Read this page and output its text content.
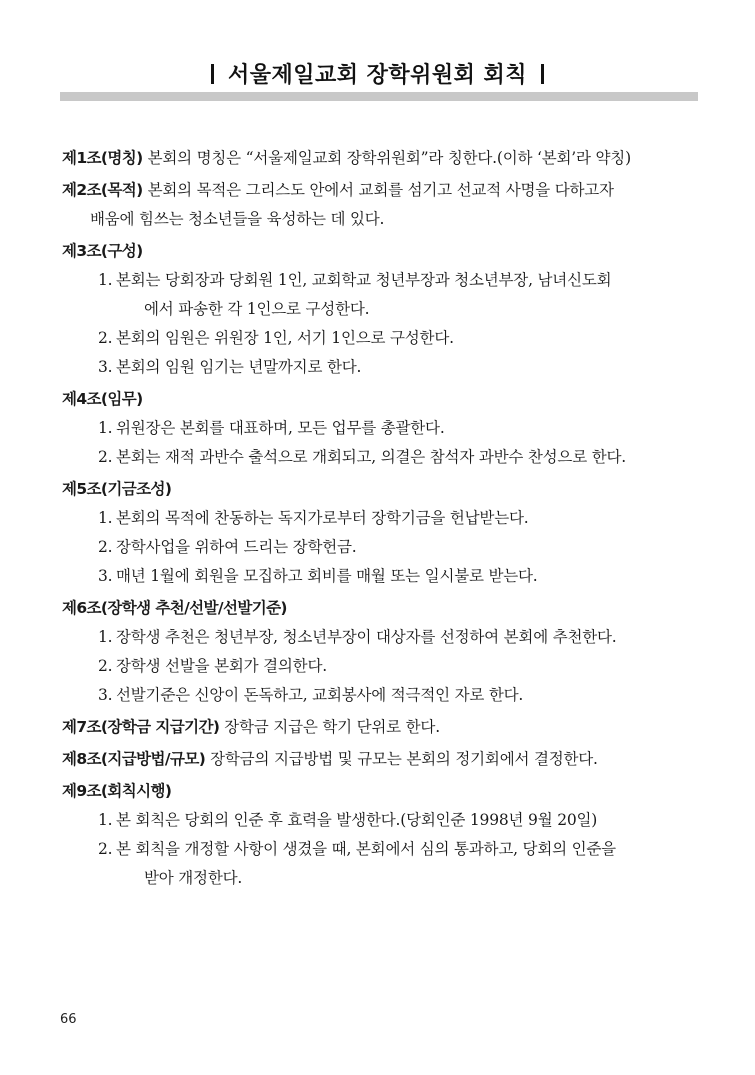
서울제일교회 장학위원회 회칙
제1조(명칭) 본회의 명칭은 “서울제일교회 장학위원회”라 칭한다.(이하 ‘본회’라 약칭)
제2조(목적) 본회의 목적은 그리스도 안에서 교회를 섬기고 선교적 사명을 다하고자
배움에 힘쓰는 청소년들을 육성하는 데 있다.
제3조(구성)
1. 본회는 당회장과 당회원 1인, 교회학교 청년부장과 청소년부장, 남녀신도회
에서 파송한 각 1인으로 구성한다.
2. 본회의 임원은 위원장 1인, 서기 1인으로 구성한다.
3. 본회의 임원 임기는 년말까지로 한다.
제4조(임무)
1. 위원장은 본회를 대표하며, 모든 업무를 총괄한다.
2. 본회는 재적 과반수 출석으로 개회되고, 의결은 참석자 과반수 찬성으로 한다.
제5조(기금조성)
1. 본회의 목적에 찬동하는 독지가로부터 장학기금을 헌납받는다.
2. 장학사업을 위하여 드리는 장학헌금.
3. 매년 1월에 회원을 모집하고 회비를 매월 또는 일시불로 받는다.
제6조(장학생 추천/선발/선발기준)
1. 장학생 추천은 청년부장, 청소년부장이 대상자를 선정하여 본회에 추천한다.
2. 장학생 선발을 본회가 결의한다.
3. 선발기준은 신앙이 돈독하고, 교회봉사에 적극적인 자로 한다.
제7조(장학금 지급기간) 장학금 지급은 학기 단위로 한다.
제8조(지급방법/규모) 장학금의 지급방법 및 규모는 본회의 정기회에서 결정한다.
제9조(회칙시행)
1. 본 회칙은 당회의 인준 후 효력을 발생한다.(당회인준 1998년 9월 20일)
2. 본 회칙을 개정할 사항이 생겼을 때, 본회에서 심의 통과하고, 당회의 인준을
받아 개정한다.
66
